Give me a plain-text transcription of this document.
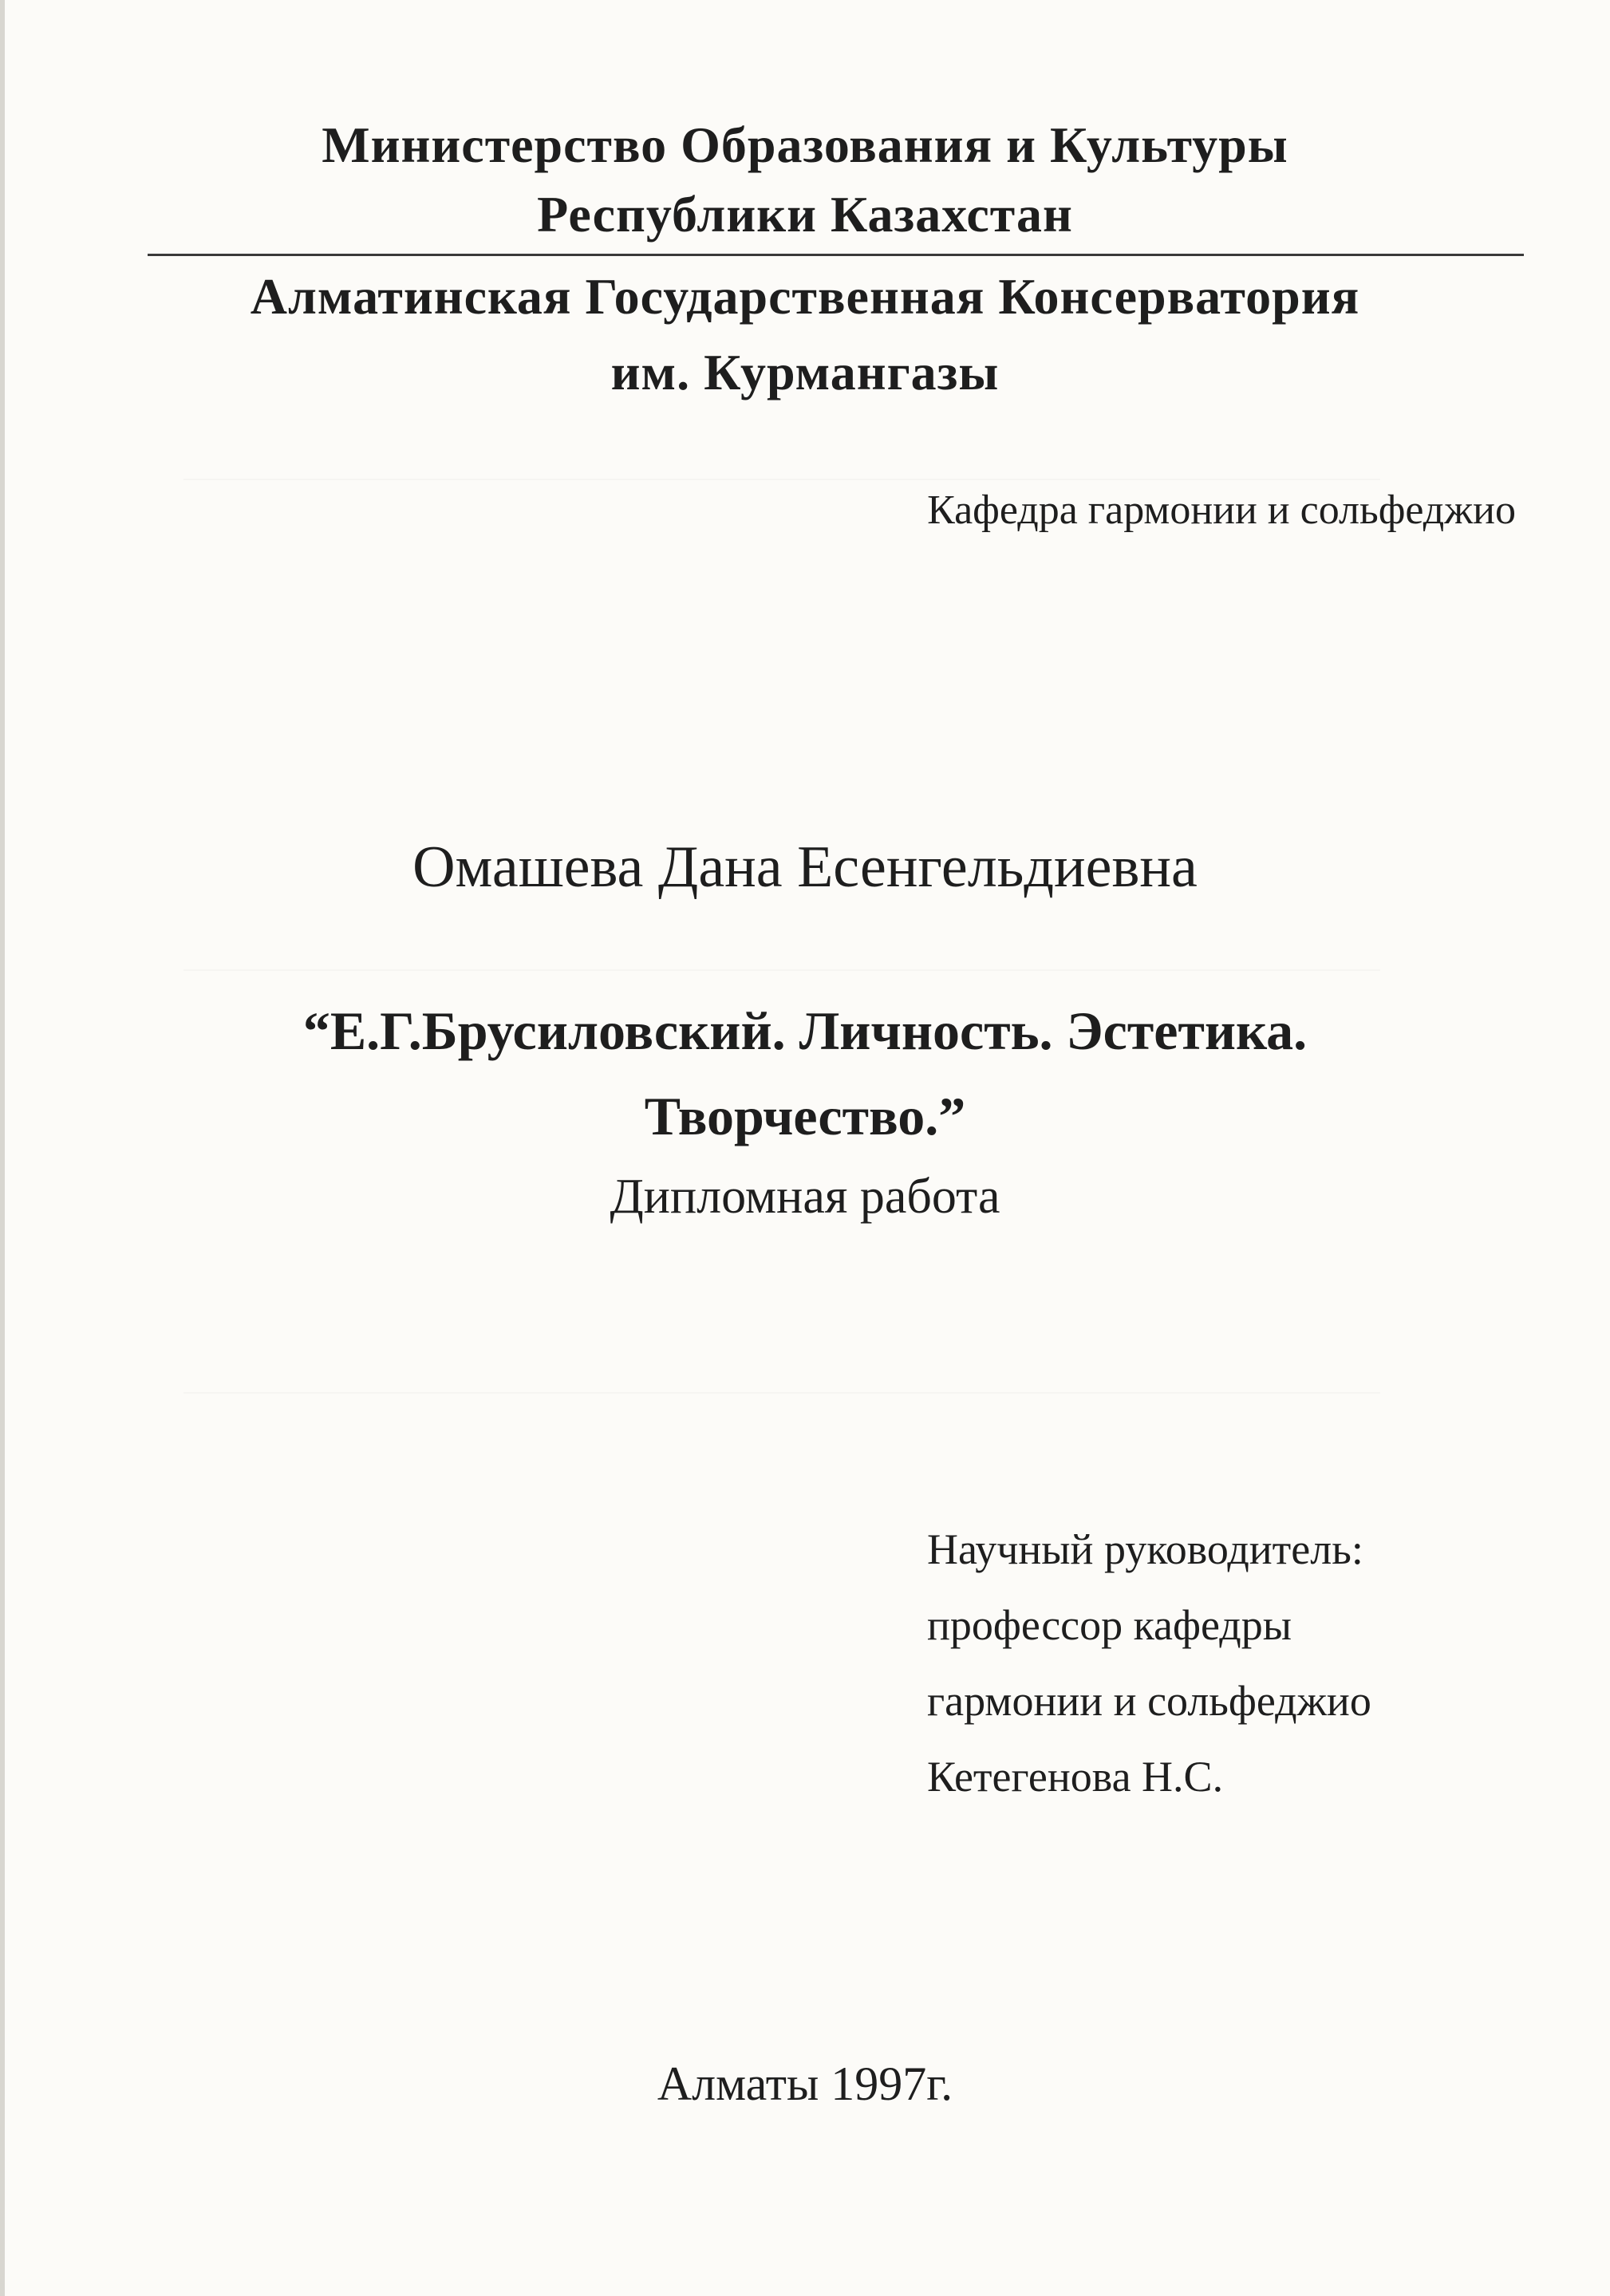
Министерство Образования и Культуры
Республики Казахстан
Алматинская Государственная Консерватория
им. Курмангазы
Кафедра гармонии и сольфеджио
Омашева Дана Есенгельдиевна
“Е.Г.Брусиловский. Личность. Эстетика.
Творчество.”
Дипломная работа
Научный руководитель:
профессор кафедры
гармонии и сольфеджио
Кетегенова Н.С.
Алматы 1997г.
